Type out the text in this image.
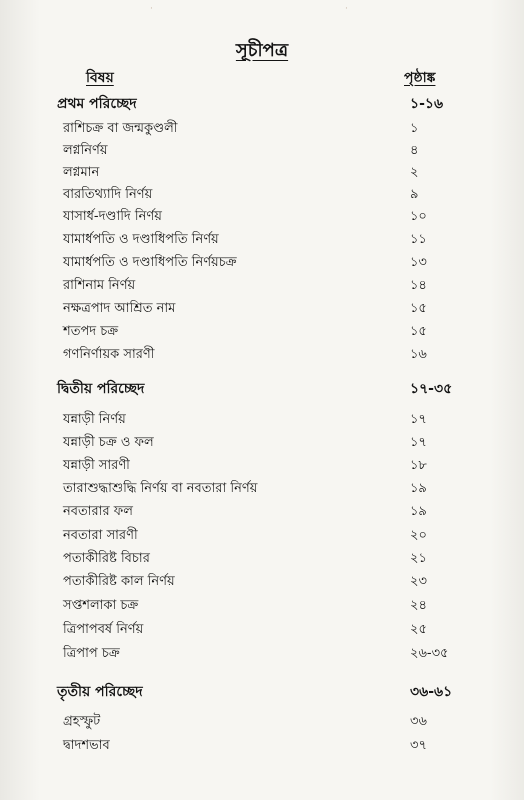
·	·
সূচীপত্র
বিষয়	পৃষ্ঠাঙ্ক
প্রথম পরিচ্ছেদ	১-১৬
রাশিচক্র বা জন্মকুণ্ডলী	১
লগ্ননির্ণয়	৪
লগ্নমান	২
বারতিথ্যাদি নির্ণয়	৯
যাসার্ধ-দণ্ডাদি নির্ণয়	১০
যামার্ধপতি ও দণ্ডাধিপতি নির্ণয়	১১
যামার্ধপতি ও দণ্ডাধিপতি নির্ণয়চক্র	১৩
রাশিনাম নির্ণয়	১৪
নক্ষত্রপাদ আশ্রিত নাম	১৫
শতপদ চক্র	১৫
গণনির্ণায়ক সারণী	১৬
দ্বিতীয় পরিচ্ছেদ	১৭-৩৫
যন্নাড়ী নির্ণয়	১৭
যন্নাড়ী চক্র ও ফল	১৭
যন্নাড়ী সারণী	১৮
তারাশুদ্ধাশুদ্ধি নির্ণয় বা নবতারা নির্ণয়	১৯
নবতারার ফল	১৯
নবতারা সারণী	২০
পতাকীরিষ্ট বিচার	২১
পতাকীরিষ্ট কাল নির্ণয়	২৩
সপ্তশলাকা চক্র	২৪
ত্রিপাপবর্ষ নির্ণয়	২৫
ত্রিপাপ চক্র	২৬-৩৫
তৃতীয় পরিচ্ছেদ	৩৬-৬১
গ্রহস্ফুট	৩৬
দ্বাদশভাব	৩৭
